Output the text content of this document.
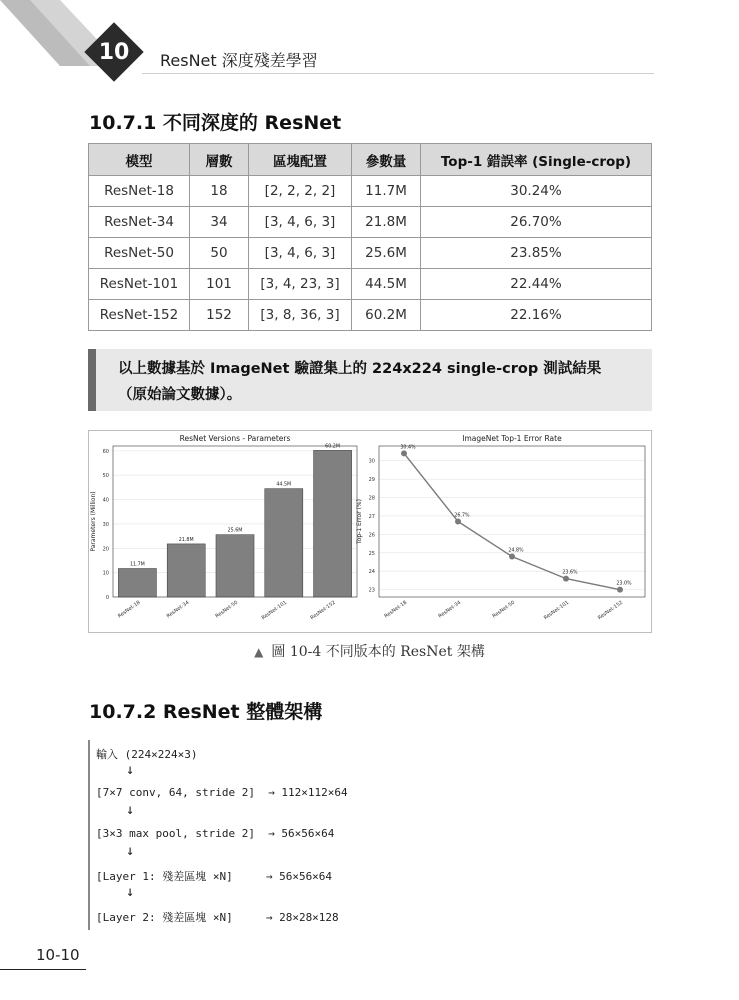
10 ResNet 深度殘差學習
10.7.1 不同深度的 ResNet
模型	層數	區塊配置	參數量	Top-1 錯誤率 (Single-crop)
ResNet-18	18	[2, 2, 2, 2]	11.7M	30.24%
ResNet-34	34	[3, 4, 6, 3]	21.8M	26.70%
ResNet-50	50	[3, 4, 6, 3]	25.6M	23.85%
ResNet-101	101	[3, 4, 23, 3]	44.5M	22.44%
ResNet-152	152	[3, 8, 36, 3]	60.2M	22.16%
以上數據基於 ImageNet 驗證集上的 224x224 single-crop 測試結果
（原始論文數據）。
ResNet Versions - Parameters
0
10
20
30
40
50
60
Parameters (Million)
ResNet-18
11.7M
ResNet-34
21.8M
ResNet-50
25.6M
ResNet-101
44.5M
ResNet-152
60.2M
ImageNet Top-1 Error Rate
23
24
25
26
27
28
29
30
Top-1 Error (%)
ResNet-18	ResNet-34	ResNet-50	ResNet-101	ResNet-152
30.4%
26.7%
24.8%
23.6%
23.0%
▲ 圖 10-4 不同版本的 ResNet 架構
10.7.2 ResNet 整體架構
輸入 (224×224×3)
↓
[7×7 conv, 64, stride 2]  → 112×112×64
↓
[3×3 max pool, stride 2]  → 56×56×64
↓
[Layer 1: 殘差區塊 ×N]     → 56×56×64
↓
[Layer 2: 殘差區塊 ×N]     → 28×28×128
10-10
